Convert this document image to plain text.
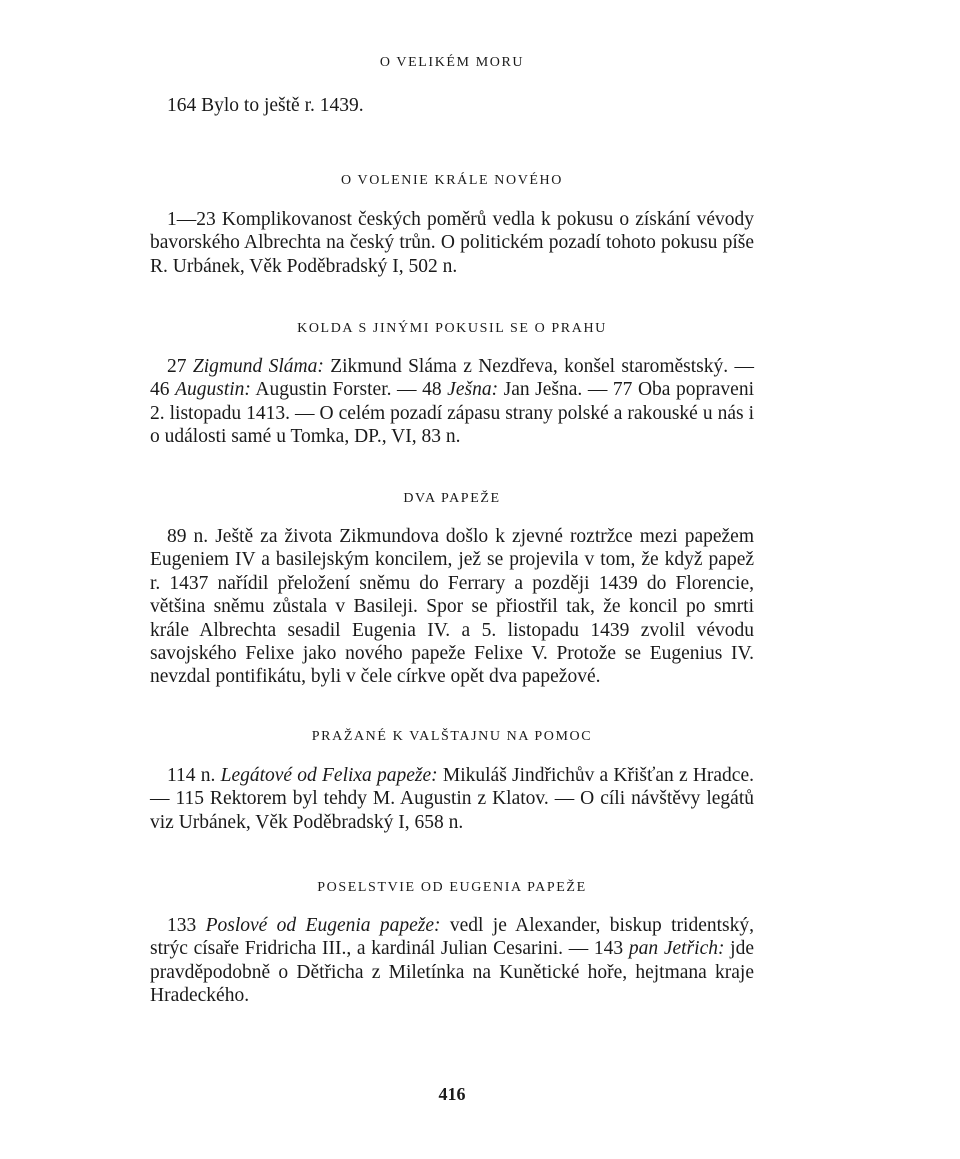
O VELIKÉM MORU

164 Bylo to ještě r. 1439.

O VOLENIE KRÁLE NOVÉHO

1—23 Komplikovanost českých poměrů vedla k pokusu o získání vévody bavorského Albrechta na český trůn. O politickém pozadí tohoto pokusu píše R. Urbánek, Věk Poděbradský I, 502 n.

KOLDA S JINÝMI POKUSIL SE O PRAHU

27 Zigmund Sláma: Zikmund Sláma z Nezdřeva, konšel staroměstský. — 46 Augustin: Augustin Forster. — 48 Ješna: Jan Ješna. — 77 Oba popraveni 2. listopadu 1413. — O celém pozadí zápasu strany polské a rakouské u nás i o události samé u Tomka, DP., VI, 83 n.

DVA PAPEŽE

89 n. Ještě za života Zikmundova došlo k zjevné roztržce mezi papežem Eugeniem IV a basilejským koncilem, jež se projevila v tom, že když papež r. 1437 nařídil přeložení sněmu do Ferrary a později 1439 do Florencie, většina sněmu zůstala v Basileji. Spor se přiostřil tak, že koncil po smrti krále Albrechta sesadil Eugenia IV. a 5. listopadu 1439 zvolil vévodu savojského Felixe jako nového papeže Felixe V. Protože se Eugenius IV. nevzdal pontifikátu, byli v čele církve opět dva papežové.

PRAŽANÉ K VALŠTAJNU NA POMOC

114 n. Legátové od Felixa papeže: Mikuláš Jindřichův a Křišťan z Hradce. — 115 Rektorem byl tehdy M. Augustin z Klatov. — O cíli návštěvy legátů viz Urbánek, Věk Poděbradský I, 658 n.

POSELSTVIE OD EUGENIA PAPEŽE

133 Poslové od Eugenia papeže: vedl je Alexander, biskup tridentský, strýc císaře Fridricha III., a kardinál Julian Cesarini. — 143 pan Jetřich: jde pravděpodobně o Dětřicha z Miletínka na Kunětické hoře, hejtmana kraje Hradeckého.

416
